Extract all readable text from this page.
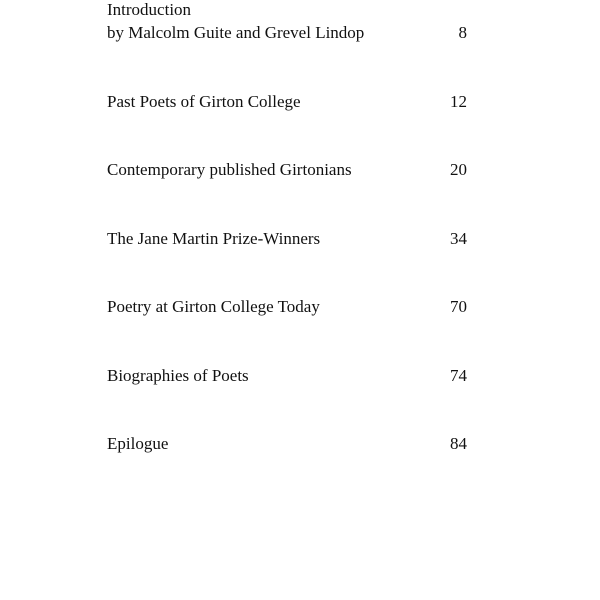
Introduction
by Malcolm Guite and Grevel Lindop	8
Past Poets of Girton College	12
Contemporary published Girtonians	20
The Jane Martin Prize-Winners	34
Poetry at Girton College Today	70
Biographies of Poets	74
Epilogue	84
